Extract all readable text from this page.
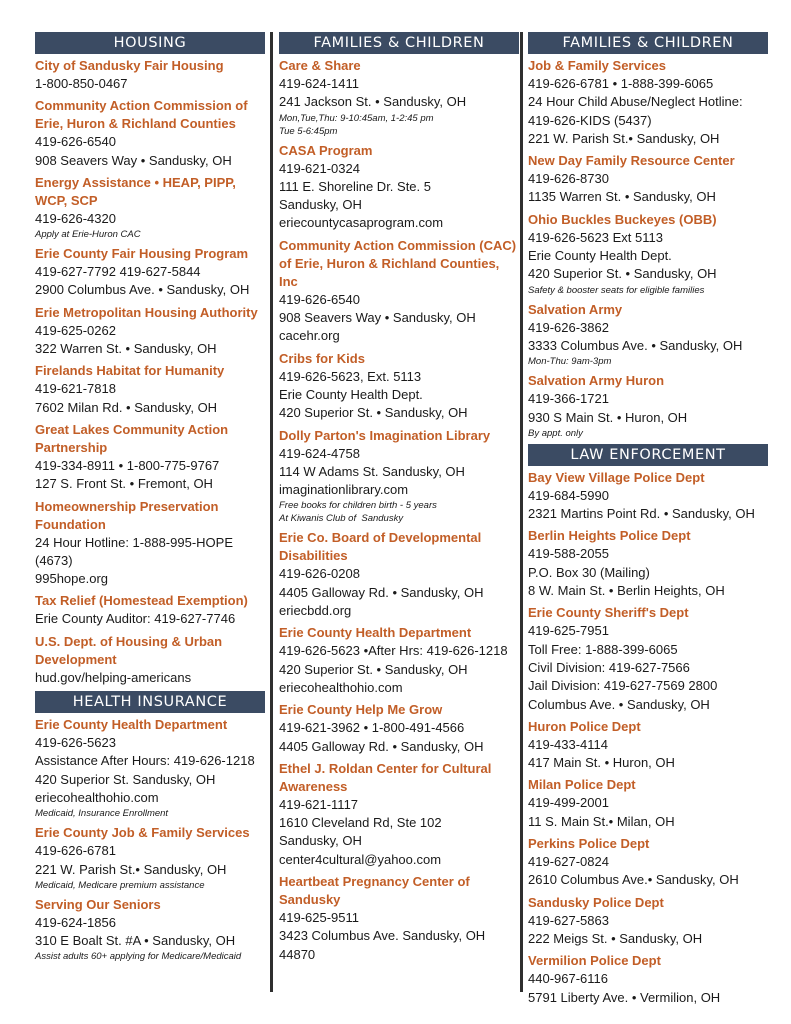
HOUSING
City of Sandusky Fair Housing
1-800-850-0467
Community Action Commission of Erie, Huron & Richland Counties
419-626-6540
908 Seavers Way • Sandusky, OH
Energy Assistance • HEAP, PIPP, WCP, SCP
419-626-4320
Apply at Erie-Huron CAC
Erie County Fair Housing Program
419-627-7792 419-627-5844
2900 Columbus Ave. • Sandusky, OH
Erie Metropolitan Housing Authority
419-625-0262
322 Warren St. • Sandusky, OH
Firelands Habitat for Humanity
419-621-7818
7602 Milan Rd. • Sandusky, OH
Great Lakes Community Action Partnership
419-334-8911 • 1-800-775-9767
127 S. Front St. • Fremont, OH
Homeownership Preservation Foundation
24 Hour Hotline: 1-888-995-HOPE
(4673)
995hope.org
Tax Relief (Homestead Exemption)
Erie County Auditor: 419-627-7746
U.S. Dept. of Housing & Urban Development
hud.gov/helping-americans
HEALTH INSURANCE
Erie County Health Department
419-626-5623
Assistance After Hours: 419-626-1218
420 Superior St. Sandusky, OH
eriecohealthohio.com
Medicaid, Insurance Enrollment
Erie County Job & Family Services
419-626-6781
221 W. Parish St.• Sandusky, OH
Medicaid, Medicare premium assistance
Serving Our Seniors
419-624-1856
310 E Boalt St. #A • Sandusky, OH
Assist adults 60+ applying for Medicare/Medicaid
FAMILIES & CHILDREN
Care & Share
419-624-1411
241 Jackson St. • Sandusky, OH
Mon,Tue,Thu: 9-10:45am, 1-2:45 pm
Tue 5-6:45pm
CASA Program
419-621-0324
111 E. Shoreline Dr. Ste. 5
Sandusky, OH
eriecountycasaprogram.com
Community Action Commission (CAC) of Erie, Huron & Richland Counties, Inc
419-626-6540
908 Seavers Way • Sandusky, OH
cacehr.org
Cribs for Kids
419-626-5623, Ext. 5113
Erie County Health Dept.
420 Superior St. • Sandusky, OH
Dolly Parton's Imagination Library
419-624-4758
114 W Adams St. Sandusky, OH
imaginationlibrary.com
Free books for children birth - 5 years
At Kiwanis Club of  Sandusky
Erie Co. Board of Developmental Disabilities
419-626-0208
4405 Galloway Rd. • Sandusky, OH
eriecbdd.org
Erie County Health Department
419-626-5623 •After Hrs: 419-626-1218
420 Superior St. • Sandusky, OH
eriecohealthohio.com
Erie County Help Me Grow
419-621-3962 • 1-800-491-4566
4405 Galloway Rd. • Sandusky, OH
Ethel J. Roldan Center for Cultural Awareness
419-621-1117
1610 Cleveland Rd, Ste 102
Sandusky, OH
center4cultural@yahoo.com
Heartbeat Pregnancy Center of Sandusky
419-625-9511
3423 Columbus Ave. Sandusky, OH
44870
FAMILIES & CHILDREN
Job & Family Services
419-626-6781 • 1-888-399-6065
24 Hour Child Abuse/Neglect Hotline:
419-626-KIDS (5437)
221 W. Parish St.• Sandusky, OH
New Day Family Resource Center
419-626-8730
1135 Warren St. • Sandusky, OH
Ohio Buckles Buckeyes (OBB)
419-626-5623 Ext 5113
Erie County Health Dept.
420 Superior St. • Sandusky, OH
Safety & booster seats for eligible families
Salvation Army
419-626-3862
3333 Columbus Ave. • Sandusky, OH
Mon-Thu: 9am-3pm
Salvation Army Huron
419-366-1721
930 S Main St. • Huron, OH
By appt. only
LAW ENFORCEMENT
Bay View Village Police Dept
419-684-5990
2321 Martins Point Rd. • Sandusky, OH
Berlin Heights Police Dept
419-588-2055
P.O. Box 30 (Mailing)
8 W. Main St. • Berlin Heights, OH
Erie County Sheriff's Dept
419-625-7951
Toll Free: 1-888-399-6065
Civil Division: 419-627-7566
Jail Division: 419-627-7569 2800
Columbus Ave. • Sandusky, OH
Huron Police Dept
419-433-4114
417 Main St. • Huron, OH
Milan Police Dept
419-499-2001
11 S. Main St.• Milan, OH
Perkins Police Dept
419-627-0824
2610 Columbus Ave.• Sandusky, OH
Sandusky Police Dept
419-627-5863
222 Meigs St. • Sandusky, OH
Vermilion Police Dept
440-967-6116
5791 Liberty Ave. • Vermilion, OH
